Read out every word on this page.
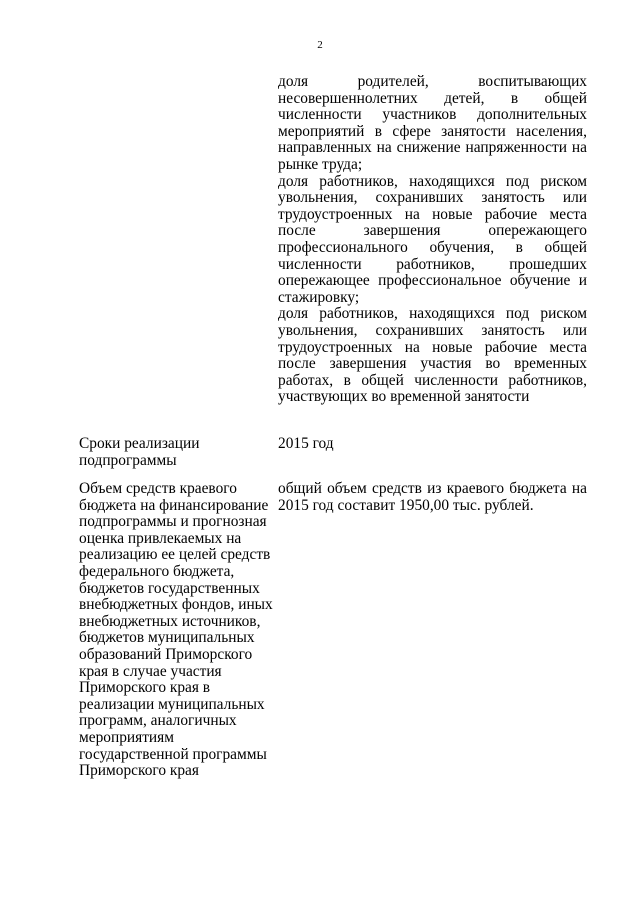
2

доля родителей, воспитывающих несовершеннолетних детей, в общей численности участников дополнительных мероприятий в сфере занятости населения, направленных на снижение напряженности на рынке труда;

доля работников, находящихся под риском увольнения, сохранивших занятость или трудоустроенных на новые рабочие места после завершения опережающего профессионального обучения, в общей численности работников, прошедших опережающее профессиональное обучение и стажировку;

доля работников, находящихся под риском увольнения, сохранивших занятость или трудоустроенных на новые рабочие места после завершения участия во временных работах, в общей численности работников, участвующих во временной занятости

Сроки реализации подпрограммы

2015 год

Объем средств краевого бюджета на финансирование подпрограммы и прогнозная оценка привлекаемых на реализацию ее целей средств федерального бюджета, бюджетов государственных внебюджетных фондов, иных внебюджетных источников, бюджетов муниципальных образований Приморского края в случае участия Приморского края в реализации муниципальных программ, аналогичных мероприятиям государственной программы Приморского края

общий объем средств из краевого бюджета на 2015 год составит 1950,00 тыс. рублей.
